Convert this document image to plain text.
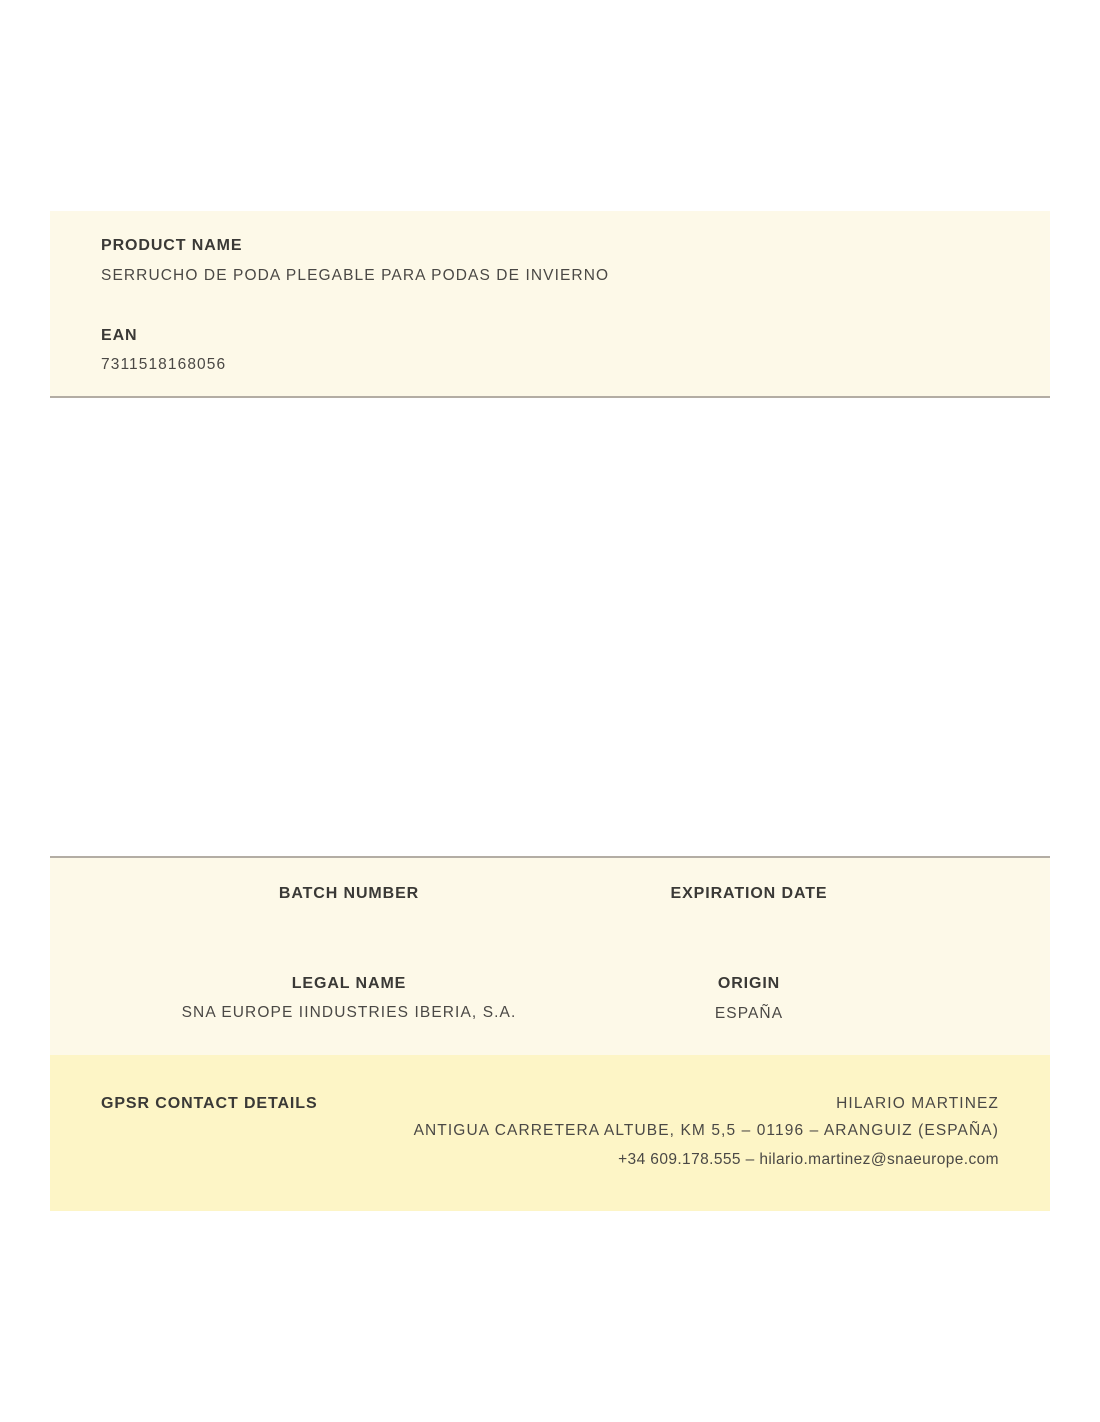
PRODUCT NAME
SERRUCHO DE PODA PLEGABLE PARA PODAS DE INVIERNO
EAN
7311518168056
BATCH NUMBER	EXPIRATION DATE
LEGAL NAME
SNA EUROPE IINDUSTRIES IBERIA, S.A.
ORIGIN
ESPAÑA
GPSR CONTACT DETAILS	HILARIO MARTINEZ
ANTIGUA CARRETERA ALTUBE, KM 5,5 – 01196 – ARANGUIZ (ESPAÑA)
+34 609.178.555 – hilario.martinez@snaeurope.com
